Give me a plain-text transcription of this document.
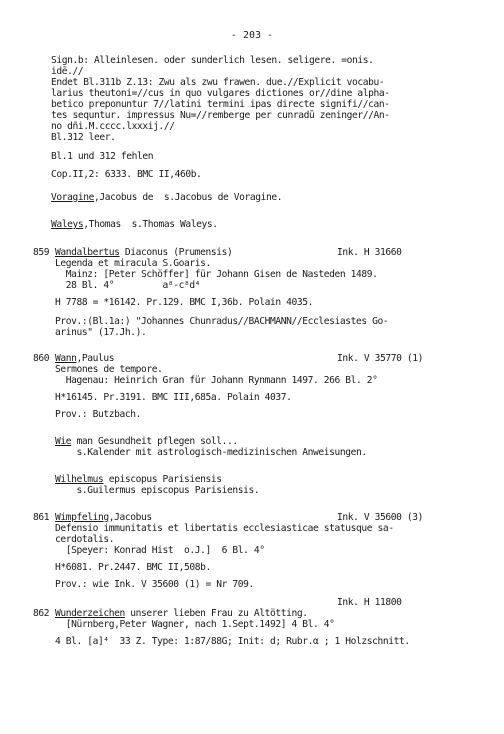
- 203 -
Sign.b: Alleinlesen. oder sunderlich lesen. seligere. =onis.
idē.//
Endet Bl.311b Z.13: Zwu als zwu frawen. due.//Explicit vocabu-
larius theutoni=//cus in quo vulgares dictiones or//dine alpha-
betico preponuntur 7//latini termini ipas directe signifi//can-
tes sequntur. impressus Nu=//remberge per cunradū zeninger//An-
no dñi.M.cccc.lxxxij.//
Bl.312 leer.
Bl.1 und 312 fehlen
Cop.II,2: 6333. BMC II,460b.
Voragine,Jacobus de  s.Jacobus de Voragine.
Waleys,Thomas  s.Thomas Waleys.
859 Wandalbertus Diaconus (Prumensis)	Ink. H 31660
Legenda et miracula S.Goaris.
Mainz: [Peter Schöffer] für Johann Gisen de Nasteden 1489.
28 Bl. 4°         a⁸-c⁸d⁴
H 7788 = *16142. Pr.129. BMC I,36b. Polain 4035.
Prov.:(Bl.1a:) "Johannes Chunradus//BACHMANN//Ecclesiastes Go-
arinus" (17.Jh.).
860 Wann,Paulus	Ink. V 35770 (1)
Sermones de tempore.
Hagenau: Heinrich Gran für Johann Rynmann 1497. 266 Bl. 2°
H*16145. Pr.3191. BMC III,685a. Polain 4037.
Prov.: Butzbach.
Wie man Gesundheit pflegen soll...
s.Kalender mit astrologisch-medizinischen Anweisungen.
Wilhelmus episcopus Parisiensis
s.Guilermus episcopus Parisiensis.
861 Wimpfeling,Jacobus	Ink. V 35600 (3)
Defensio immunitatis et libertatis ecclesiasticae statusque sa-
cerdotalis.
[Speyer: Konrad Hist  o.J.]  6 Bl. 4°
H*6081. Pr.2447. BMC II,508b.
Prov.: wie Ink. V 35600 (1) = Nr 709.
Ink. H 11800
862 Wunderzeichen unserer lieben Frau zu Altötting.
[Nürnberg,Peter Wagner, nach 1.Sept.1492] 4 Bl. 4°
4 Bl. [a]⁴  33 Z. Type: 1:87/88G; Init: d; Rubr.α ; 1 Holzschnitt.
